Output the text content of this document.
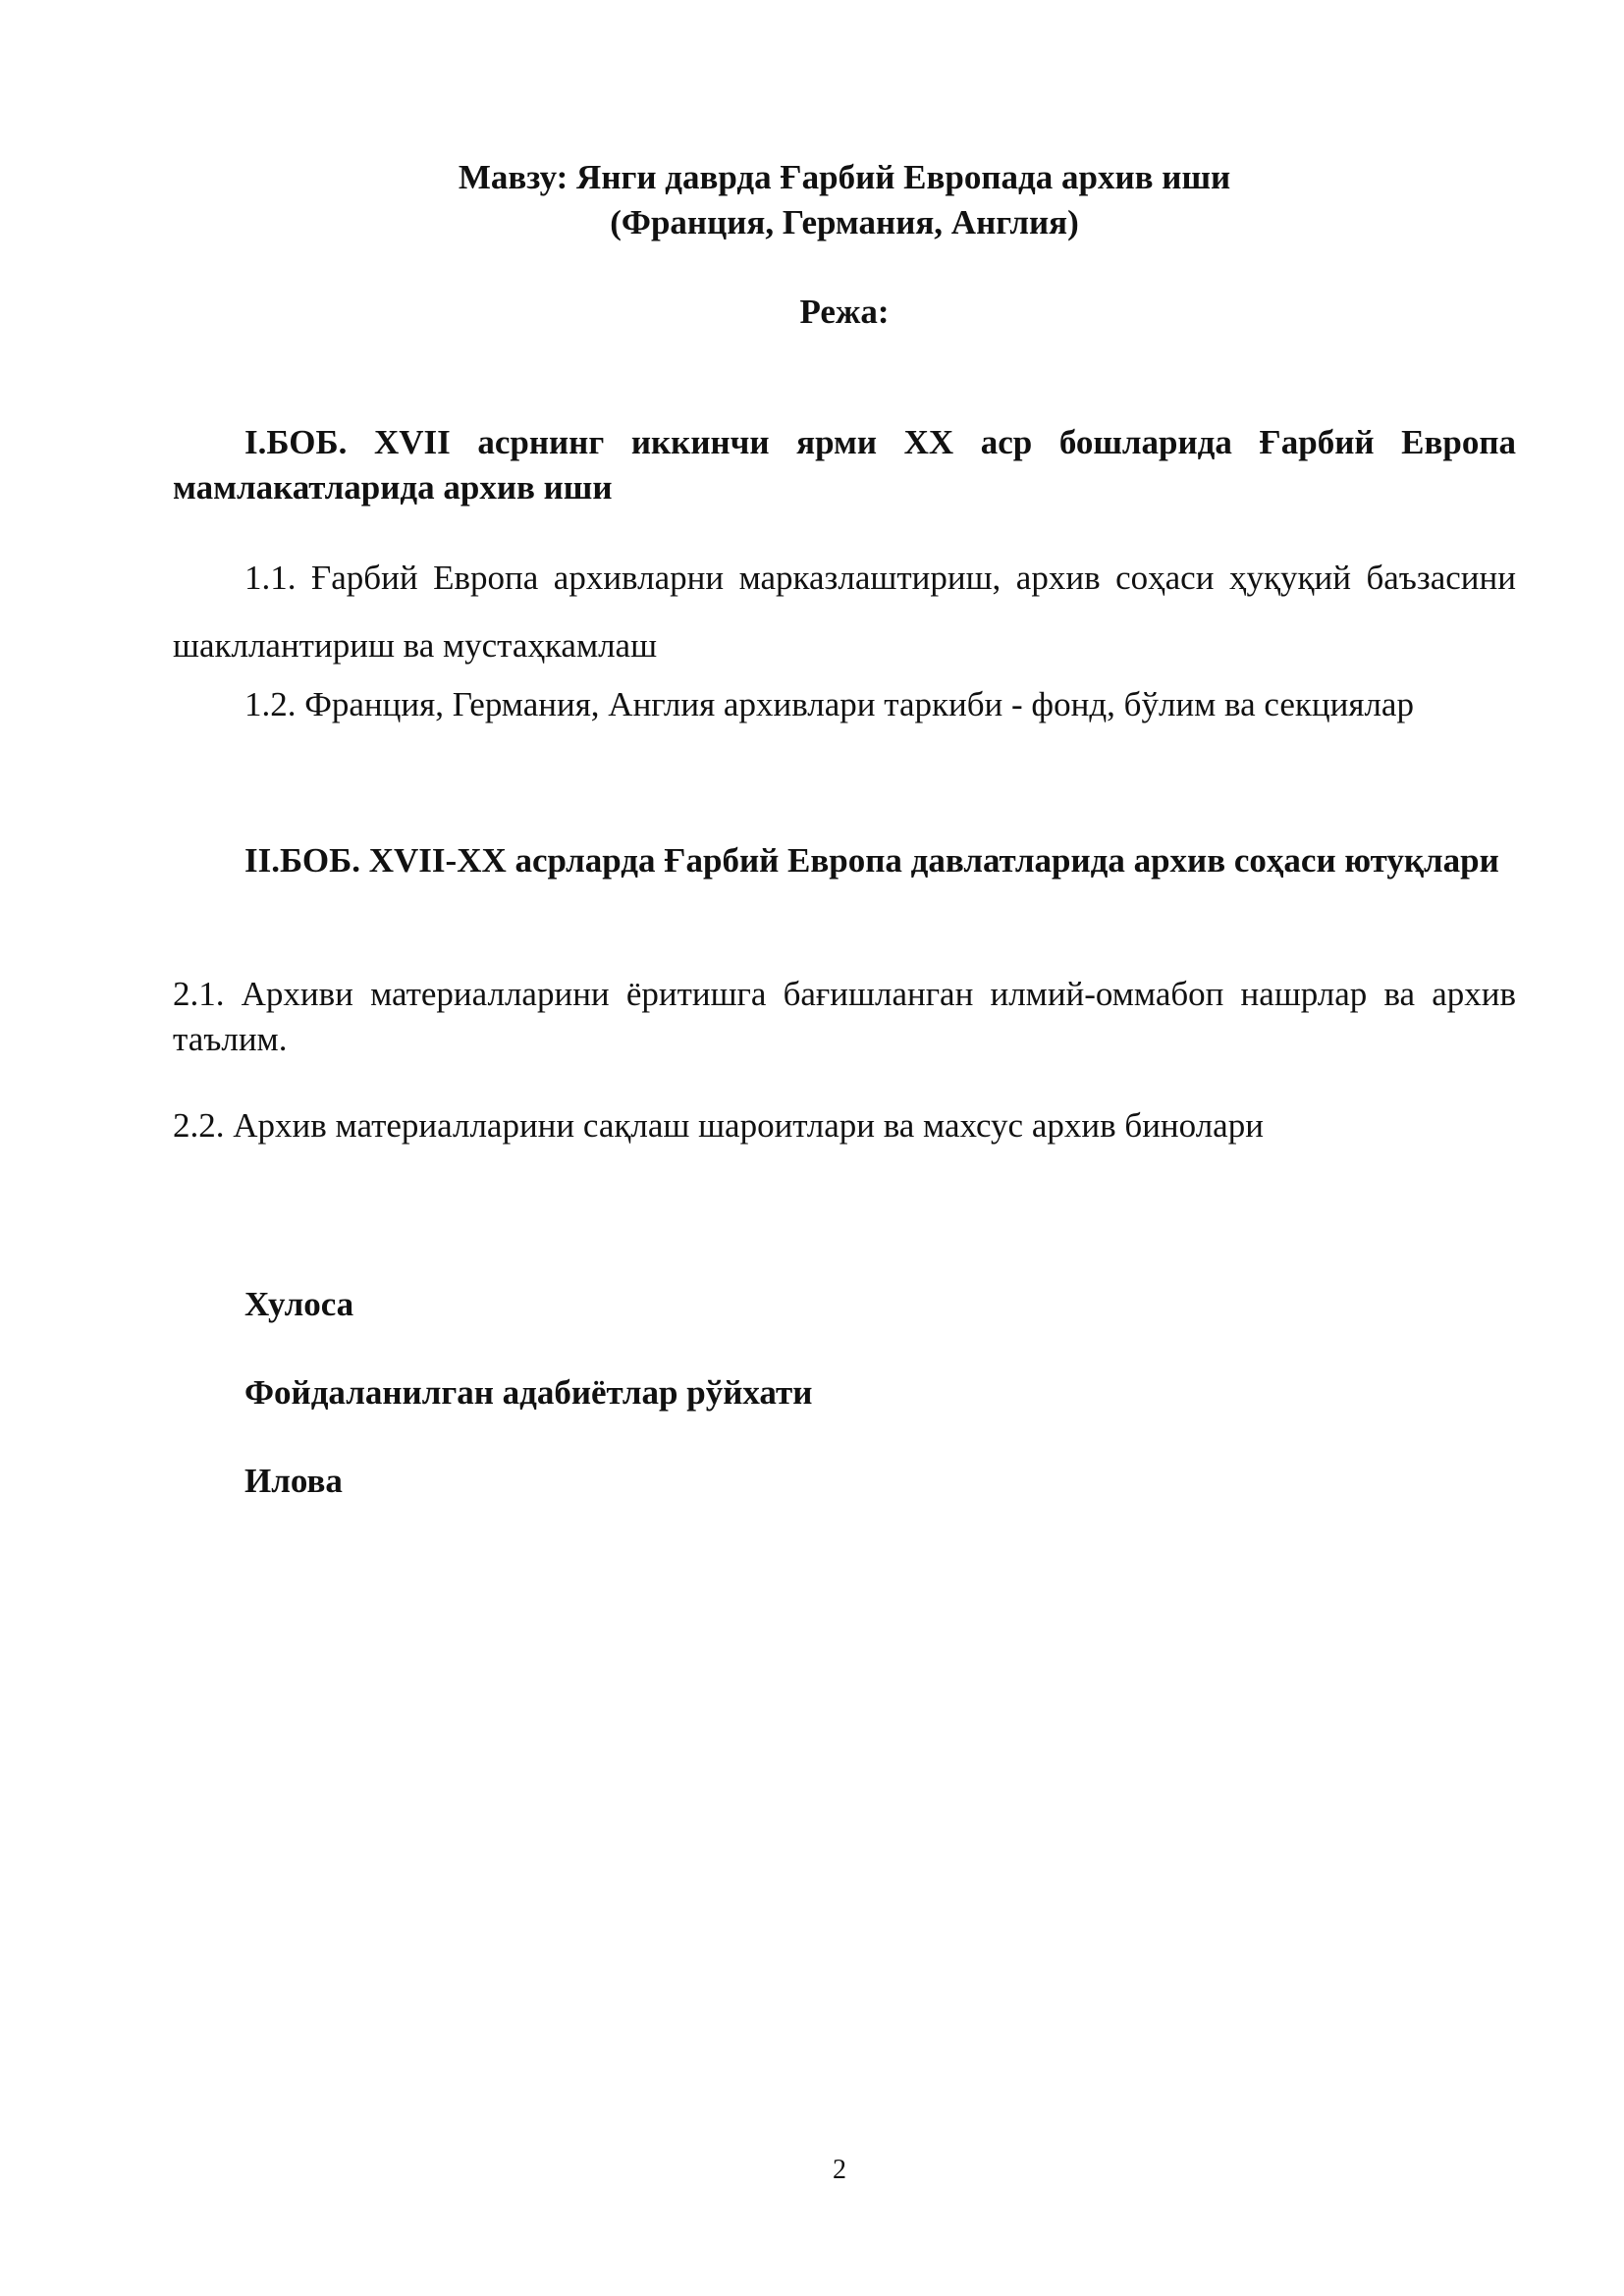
Мавзу: Янги даврда Ғарбий Европада архив иши
(Франция, Германия, Англия)
Режа:
I.БОБ. XVII асрнинг иккинчи ярми XX аср бошларида Ғарбий Европа мамлакатларида архив иши
1.1. Ғарбий Европа архивларни марказлаштириш, архив соҳаси ҳуқуқий баъзасини шакллантириш ва мустаҳкамлаш
1.2. Франция, Германия, Англия архивлари таркиби - фонд, бўлим ва секциялар
II.БОБ. XVII-XX асрларда Ғарбий Европа давлатларида архив соҳаси ютуқлари
2.1. Архиви материалларини ёритишга бағишланган илмий-оммабоп нашрлар ва архив таълим.
2.2. Архив материалларини сақлаш шароитлари ва махсус архив бинолари
Хулоса
Фойдаланилган адабиётлар рўйхати
Илова
2
